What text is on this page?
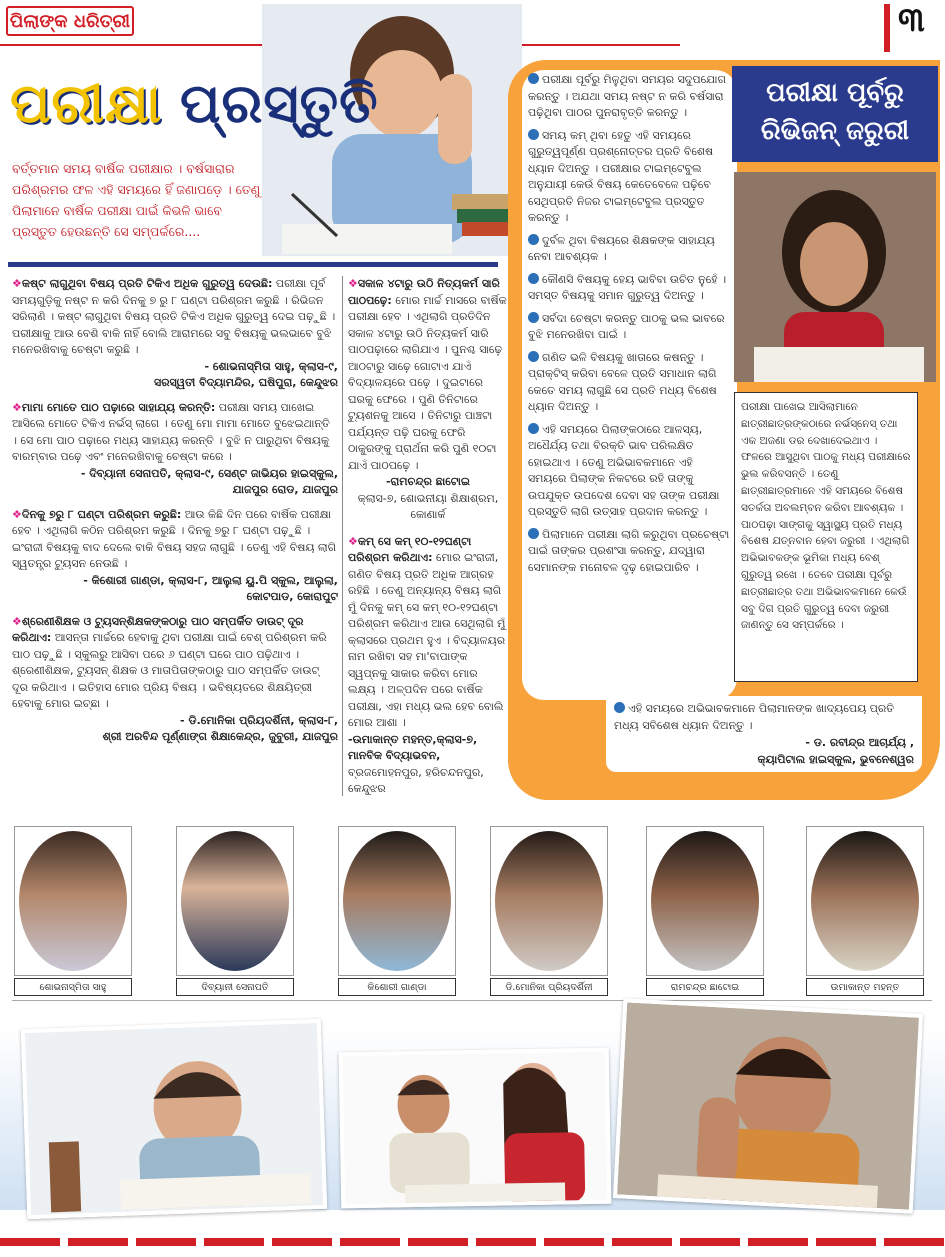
ପିଲାଙ୍କ ଧରିତ୍ରୀ	୩
ପରୀକ୍ଷା ପ୍ରସ୍ତୁତି
ବର୍ତ୍ତମାନ ସମୟ ବାର୍ଷିକ ପରୀକ୍ଷାର । ବର୍ଷସାରାର ପରିଶ୍ରମର ଫଳ ଏହି ସମୟରେ ହିଁ ଜଣାପଡ଼େ । ତେଣୁ ପିଲାମାନେ ବାର୍ଷିକ ପରୀକ୍ଷା ପାଇଁ କିଭଳି ଭାବେ ପ୍ରସ୍ତୁତ ହେଉଛନ୍ତି ସେ ସମ୍ପର୍କରେ....

ପରୀକ୍ଷା ପୂର୍ବରୁ ମିଳୁଥିବା ସମୟର ସଦୁପଯୋଗ କରନ୍ତୁ । ଅଯଥା ସମୟ ନଷ୍ଟ ନ କରି ବର୍ଷସାରା ପଢ଼ିଥିବା ପାଠର ପୁନରାବୃତ୍ତି କରନ୍ତୁ ।

ସମୟ କମ୍ ଥିବା ହେତୁ ଏହି ସମୟରେ ଗୁରୁତ୍ୱପୂର୍ଣ୍ଣ ପ୍ରଶ୍ନୋତ୍ତର ପ୍ରତି ବିଶେଷ ଧ୍ୟାନ ଦିଅନ୍ତୁ । ପରୀକ୍ଷାର ଟାଇମ୍‌ଟେବୁଲ ଅନୁଯାୟୀ କେଉଁ ବିଷୟ କେତେବେଳେ ପଢ଼ିବେ ସେଥିପ୍ରତି ନିଜର ଟାଇମ୍‌ଟେବୁଲ ପ୍ରସ୍ତୁତ କରନ୍ତୁ ।

ଦୁର୍ବଳ ଥିବା ବିଷୟରେ ଶିକ୍ଷକଙ୍କ ସାହାଯ୍ୟ ନେବା ଆବଶ୍ୟକ ।

କୌଣସି ବିଷୟକୁ ହେୟ ଭାବିବା ଉଚିତ ନୁହେଁ । ସମସ୍ତ ବିଷୟକୁ ସମାନ ଗୁରୁତ୍ୱ ଦିଅନ୍ତୁ ।

ସର୍ବଦା ଚେଷ୍ଟା କରନ୍ତୁ ପାଠକୁ ଭଲ ଭାବରେ ବୁଝି ମନେରଖିବା ପାଇଁ ।

ଗଣିତ ଭଳି ବିଷୟକୁ ଖାତାରେ କଷନ୍ତୁ । ପ୍ରାକ୍ଟିସ୍ କରିବା ବେଳେ ପ୍ରତି ସମାଧାନ ଲାଗି କେତେ ସମୟ ଲାଗୁଛି ସେ ପ୍ରତି ମଧ୍ୟ ବିଶେଷ ଧ୍ୟାନ ଦିଅନ୍ତୁ ।

ଏହି ସମୟରେ ପିଲାଙ୍କଠାରେ ଆଳସ୍ୟ, ଅଧୈର୍ଯ୍ୟ ତଥା ବିରକ୍ତି ଭାବ ପରିଲକ୍ଷିତ ହୋଇଥାଏ । ତେଣୁ ଅଭିଭାବକମାନେ ଏହି ସମୟରେ ପିଲାଙ୍କ ନିକଟରେ ରହି ତାଙ୍କୁ ଉପଯୁକ୍ତ ଉପଦେଶ ଦେବା ସହ ତାଙ୍କ ପରୀକ୍ଷା ପ୍ରସ୍ତୁତି ଲାଗି ଉତ୍ସାହ ପ୍ରଦାନ କରନ୍ତୁ ।

ପିଲାମାନେ ପରୀକ୍ଷା ଲାଗି କରୁଥିବା ପ୍ରଚେଷ୍ଟା ପାଇଁ ତାଙ୍କର ପ୍ରଶଂସା କରନ୍ତୁ, ଯଦ୍ୱାରା ସେମାନଙ୍କ ମନୋବଳ ଦୃଢ଼ ହୋଇପାରିବ ।

ପରୀକ୍ଷା ପୂର୍ବରୁ
ରିଭିଜନ୍ ଜରୁରୀ
ପରୀକ୍ଷା ପାଖେଇ ଆସିଲାମାନେ ଛାତ୍ରୀଛାତ୍ରଙ୍କଠାରେ ନର୍ଭସ୍‌ନେସ୍ ତଥା ଏକ ଅଜଣା ଡର ଦେଖାଦେଇଥାଏ । ଫଳରେ ଆସୁଥିବା ପାଠକୁ ମଧ୍ୟ ପରୀକ୍ଷାରେ ଭୁଲ କରିବସନ୍ତି । ତେଣୁ ଛାତ୍ରୀଛାତ୍ରମାନେ ଏହି ସମୟରେ ବିଶେଷ ସତର୍କତା ଅବଲମ୍ବନ କରିବା ଆବଶ୍ୟକ । ପାଠପଢ଼ା ସାଙ୍ଗକୁ ସ୍ୱାସ୍ଥ୍ୟ ପ୍ରତି ମଧ୍ୟ ବିଶେଷ ଯତ୍ନବାନ ହେବା ଜରୁରୀ । ଏଥିଲାଗି ଅଭିଭାବକଙ୍କ ଭୂମିକା ମଧ୍ୟ ବେଶ୍ ଗୁରୁତ୍ୱ ରଖେ । ତେବେ ପରୀକ୍ଷା ପୂର୍ବରୁ ଛାତ୍ରୀଛାତ୍ର ତଥା ଅଭିଭାବକମାନେ କେଉଁ ସବୁ ଦିଗ ପ୍ରତି ଗୁରୁତ୍ୱ ଦେବା ଜରୁରୀ ଜାଣନ୍ତୁ ସେ ସମ୍ପର୍କରେ ।
ଏହି ସମୟରେ ଅଭିଭାବକମାନେ ପିଲାମାନଙ୍କ ଖାଦ୍ୟପେୟ ପ୍ରତି ମଧ୍ୟ ସବିଶେଷ ଧ୍ୟାନ ଦିଅନ୍ତୁ ।
- ଡ. ରବୀନ୍ଦ୍ର ଆଚାର୍ଯ୍ୟ ,
କ୍ୟାପିଟାଲ ହାଇସ୍କୁଲ, ଭୁବନେଶ୍ୱର
❖କଷ୍ଟ ଲାଗୁଥିବା ବିଷୟ ପ୍ରତି ଟିକିଏ ଅଧିକ ଗୁରୁତ୍ୱ ଦେଉଛି: ପରୀକ୍ଷା ପୂର୍ବ ସମୟଗୁଡ଼ିକୁ ନଷ୍ଟ ନ କରି ଦିନକୁ ୭ ରୁ ୮ ଘଣ୍ଟା ପରିଶ୍ରମ କରୁଛି । ରିଭିଜନ ସରିଲାଣି । କଷ୍ଟ ଲାଗୁଥିବା ବିଷୟ ପ୍ରତି ଟିକିଏ ଅଧିକ ଗୁରୁତ୍ୱ ଦେଇ ପଢ଼ୁଛି । ପରୀକ୍ଷାକୁ ଆଉ ବେଶି ବାକି ନାହିଁ ବୋଲି ଆରାମରେ ସବୁ ବିଷୟକୁ ଭଲଭାବେ ବୁଝି ମନେରଖିବାକୁ ଚେଷ୍ଟା କରୁଛି ।
- ଶୋଭନାସ୍ମିତା ସାହୁ, କ୍ଲାସ-୯,
ସରସ୍ୱତୀ ବିଦ୍ୟାମନ୍ଦିର, ଘଷିପୁରା, କେନ୍ଦୁଝର
❖ମାମା ମୋତେ ପାଠ ପଢ଼ାରେ ସାହାଯ୍ୟ କରନ୍ତି: ପରୀକ୍ଷା ସମୟ ପାଖେଇ ଆସିଲେ ମୋତେ ଟିକିଏ ନର୍ଭସ୍ ଲାଗେ । ତେଣୁ ମୋ ମାମା ମୋତେ ବୁଝେଇଥାନ୍ତି । ସେ ମୋ ପାଠ ପଢ଼ାରେ ମଧ୍ୟ ସାହାଯ୍ୟ କରନ୍ତି । ବୁଝି ନ ପାରୁଥିବା ବିଷୟକୁ ବାରମ୍ବାର ପଢ଼େ ଏବଂ ମନେରଖିବାକୁ ଚେଷ୍ଟା କରେ ।
- ଦିବ୍ୟାନୀ ସେନାପତି, କ୍ଲାସ-୯, ସେଣ୍ଟ ଜାଭିୟର ହାଇସ୍କୁଲ,
ଯାଜପୁର ରୋଡ, ଯାଜପୁର
❖ଦିନକୁ ୭ରୁ ୮ ଘଣ୍ଟା ପରିଶ୍ରମ କରୁଛି: ଆଉ କିଛି ଦିନ ପରେ ବାର୍ଷିକ ପରୀକ୍ଷା ହେବ । ଏଥିଲାଗି କଠିନ ପରିଶ୍ରମ କରୁଛି । ଦିନକୁ ୭ରୁ ୮ ଘଣ୍ଟା ପଢ଼ୁଛି । ଇଂରାଜୀ ବିଷୟକୁ ବାଦ ଦେଲେ ବାକି ବିଷୟ ସହଜ ଲାଗୁଛି । ତେଣୁ ଏହି ବିଷୟ ଲାଗି ସ୍ୱତନ୍ତ୍ର ଟ୍ୟୁସନ ନେଉଛି ।
- କିଶୋରୀ ଗାଣ୍ଡା, କ୍ଲାସ-୮, ଆଲୁଲା ୟୁ.ପି ସ୍କୁଲ, ଆଲୁଲା,
କୋଟପାଡ, କୋରାପୁଟ
❖ଶ୍ରେଣୀଶିକ୍ଷକ ଓ ଟ୍ୟୁସନ୍‌ଶିକ୍ଷକଙ୍କଠାରୁ ପାଠ ସମ୍ପର୍କିତ ଡାଉଟ୍ ଦୂର କରିଥାଏ: ଆସନ୍ତା ମାର୍ଚ୍ଚରେ ହେବାକୁ ଥିବା ପରୀକ୍ଷା ପାଇଁ ବେଶ୍ ପରିଶ୍ରମ କରି ପାଠ ପଢ଼ୁଛି । ସ୍କୁଲରୁ ଆସିବା ପରେ ୬ ଘଣ୍ଟା ଘରେ ପାଠ ପଢ଼ିଥାଏ । ଶ୍ରେଣୀଶିକ୍ଷକ, ଟ୍ୟୁସନ୍ ଶିକ୍ଷକ ଓ ମାତାପିତାଙ୍କଠାରୁ ପାଠ ସମ୍ପର୍କିତ ଡାଉଟ୍ ଦୂର କରିଥାଏ । ଇତିହାସ ମୋର ପ୍ରିୟ ବିଷୟ । ଭବିଷ୍ୟତରେ ଶିକ୍ଷୟିତ୍ରୀ ହେବାକୁ ମୋର ଇଚ୍ଛା ।
- ଡି.ମୋନିକା ପ୍ରିୟଦର୍ଶିନୀ, କ୍ଲାସ-୮,
ଶ୍ରୀ ଅରବିନ୍ଦ ପୂର୍ଣ୍ଣାଙ୍ଗ ଶିକ୍ଷାକେନ୍ଦ୍ର, ଜୁବୁରୀ, ଯାଜପୁର
❖ସକାଳ ୪ଟାରୁ ଉଠି ନିତ୍ୟକର୍ମ ସାରି ପାଠପଢ଼େ: ମୋର ମାର୍ଚ୍ଚ ମାସରେ ବାର୍ଷିକ ପରୀକ୍ଷା ହେବ । ଏଥିଲାଗି ପ୍ରତିଦିନ ସକାଳ ୪ଟାରୁ ଉଠି ନିତ୍ୟକର୍ମ ସାରି ପାଠପଢ଼ାରେ ଲାଗିଯାଏ । ପୁନଶ୍ଚ ସାଢ଼େ ଆଠଟାରୁ ସାଢ଼େ ଗୋଟାଏ ଯାଏଁ ବିଦ୍ୟାଳୟରେ ପଢ଼େ । ଦୁଇଟାରେ ଘରକୁ ଫେରେ । ପୁଣି ତିନିଟାରେ ଟ୍ୟୁଶନକୁ ଆସେ । ତିନିଟାରୁ ପାଞ୍ଚଟା ପର୍ଯ୍ୟନ୍ତ ପଢ଼ି ଘରକୁ ଫେରି ଠାକୁରଙ୍କୁ ପ୍ରାର୍ଥନା କରି ପୁଣି ୧୦ଟା ଯାଏଁ ପାଠପଢ଼େ ।
-ରାମଚନ୍ଦ୍ର ଛାଟୋଇ
କ୍ଲାସ-୭, ଶୋଭନୀୟା ଶିକ୍ଷାଶ୍ରମ, କୋଣାର୍କ
❖କମ୍ ସେ କମ୍ ୧୦-୧୨ଘଣ୍ଟା ପରିଶ୍ରମ କରିଥାଏ: ମୋର ଇଂରାଜୀ, ଗଣିତ ବିଷୟ ପ୍ରତି ଅଧିକ ଆଗ୍ରହ ରହିଛି । ତେଣୁ ଅନ୍ୟାନ୍ୟ ବିଷୟ ଲାଗି ମୁଁ ଦିନକୁ କମ୍ ସେ କମ୍ ୧୦-୧୨ଘଣ୍ଟା ପରିଶ୍ରମ କରିଥାଏ ଆଉ ସେଥିଲାଗି ମୁଁ କ୍ଲାସରେ ପ୍ରଥମ ହୁଏ । ବିଦ୍ୟାଳୟର ନାମ ରଖିବା ସହ ମା'ବାପାଙ୍କ ସ୍ୱପ୍ନକୁ ସାକାର କରିବା ମୋର ଲକ୍ଷ୍ୟ । ଅଳ୍ପଦିନ ପରେ ବାର୍ଷିକ ପରୀକ୍ଷା, ଏହା ମଧ୍ୟ ଭଲ ହେବ ବୋଲି ମୋର ଆଶା ।
-ଉମାକାନ୍ତ ମହନ୍ତ,କ୍ଲାସ-୭, ମାନବିକ ବିଦ୍ୟାଭବନ,
ବ୍ରଜମୋହନପୁର, ହରିଚନ୍ଦନପୁର, କେନ୍ଦୁଝର
ଶୋଭନାସ୍ମିତା ସାହୁ	ଦିବ୍ୟାନୀ ସେନାପତି	କିଶୋରୀ ଗାଣ୍ଡା	ଡି.ମୋନିକା ପ୍ରିୟଦର୍ଶିନୀ	ରାମଚନ୍ଦ୍ର ଛାଟୋଇ	ଉମାକାନ୍ତ ମହନ୍ତ
